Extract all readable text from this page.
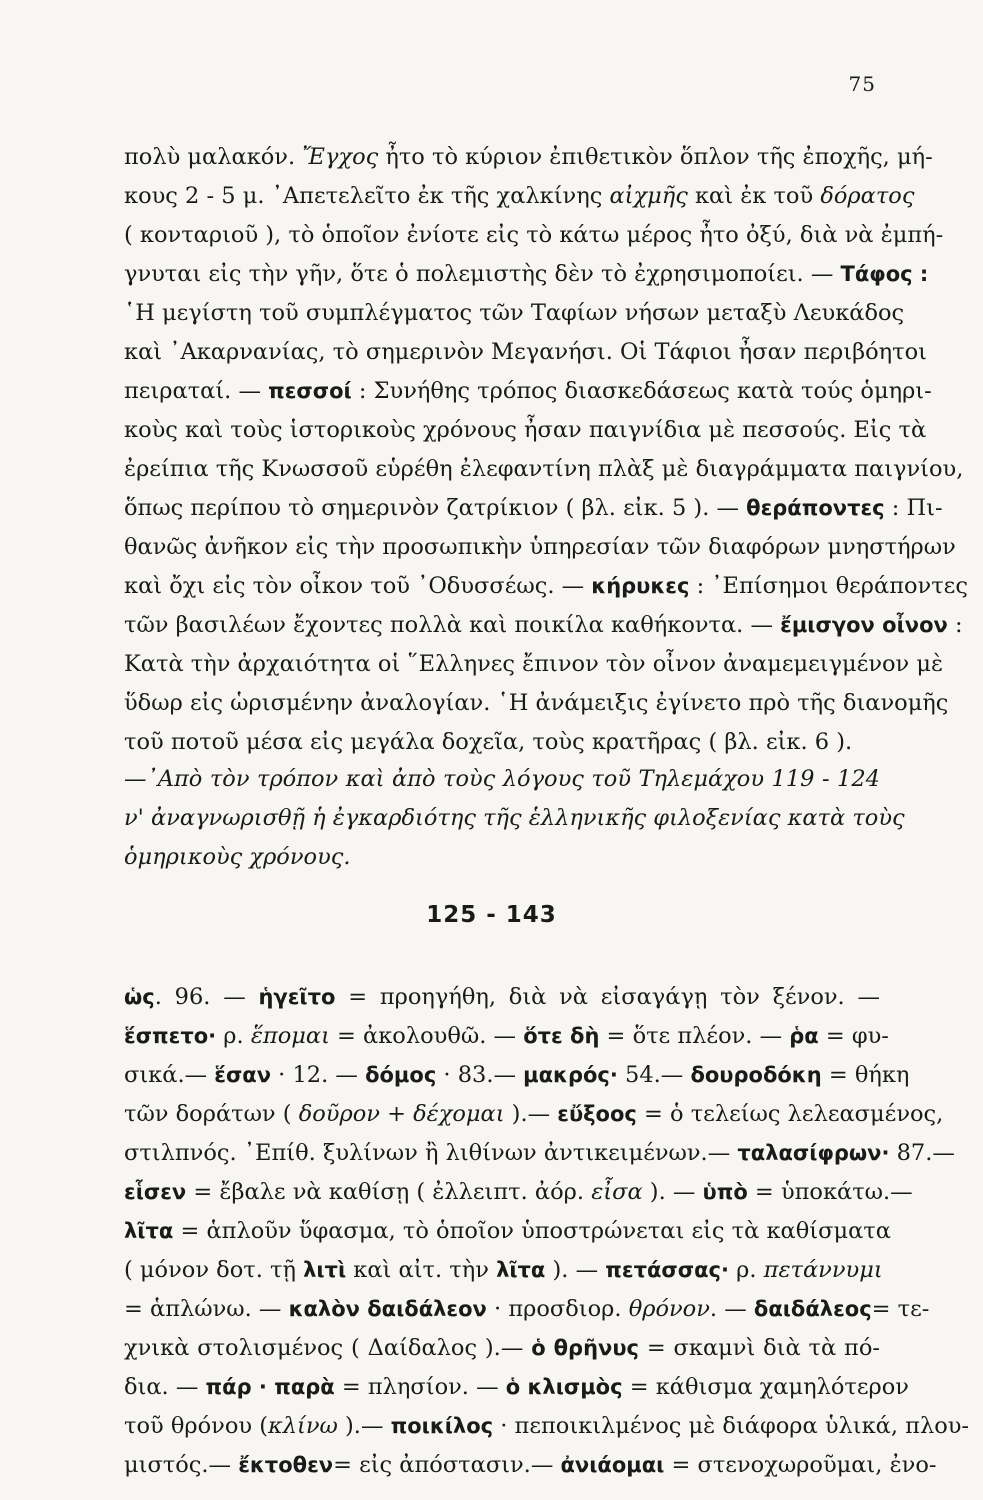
75
πολὺ μαλακόν. Ἔγχος ἦτο τὸ κύριον ἐπιθετικὸν ὅπλον τῆς ἐποχῆς, μή-
κους 2 - 5 μ. ᾿Απετελεῖτο ἐκ τῆς χαλκίνης αἰχμῆς καὶ ἐκ τοῦ δόρατος
( κονταριοῦ ), τὸ ὁποῖον ἐνίοτε εἰς τὸ κάτω μέρος ἦτο ὀξύ, διὰ νὰ ἐμπή-
γνυται εἰς τὴν γῆν, ὅτε ὁ πολεμιστὴς δὲν τὸ ἐχρησιμοποίει. — Τάφος :
῾Η μεγίστη τοῦ συμπλέγματος τῶν Ταφίων νήσων μεταξὺ Λευκάδος
καὶ ᾿Ακαρνανίας, τὸ σημερινὸν Μεγανήσι. Οἱ Τάφιοι ἦσαν περιβόητοι
πειραταί. — πεσσοί : Συνήθης τρόπος διασκεδάσεως κατὰ τούς ὁμηρι-
κοὺς καὶ τοὺς ἱστορικοὺς χρόνους ἦσαν παιγνίδια μὲ πεσσούς. Εἰς τὰ
ἐρείπια τῆς Κνωσσοῦ εὑρέθη ἐλεφαντίνη πλὰξ μὲ διαγράμματα παιγνίου,
ὅπως περίπου τὸ σημερινὸν ζατρίκιον ( βλ. εἰκ. 5 ). — θεράποντες : Πι-
θανῶς ἀνῆκον εἰς τὴν προσωπικὴν ὑπηρεσίαν τῶν διαφόρων μνηστήρων
καὶ ὄχι εἰς τὸν οἶκον τοῦ ᾿Οδυσσέως. — κήρυκες : ᾿Επίσημοι θεράποντες
τῶν βασιλέων ἔχοντες πολλὰ καὶ ποικίλα καθήκοντα. — ἔμισγον οἶνον :
Κατὰ τὴν ἀρχαιότητα οἱ ῞Ελληνες ἔπινον τὸν οἶνον ἀναμεμειγμένον μὲ
ὕδωρ εἰς ὡρισμένην ἀναλογίαν. ῾Η ἀνάμειξις ἐγίνετο πρὸ τῆς διανομῆς
τοῦ ποτοῦ μέσα εἰς μεγάλα δοχεῖα, τοὺς κρατῆρας ( βλ. εἰκ. 6 ).
—᾿Απὸ τὸν τρόπον καὶ ἀπὸ τοὺς λόγους τοῦ Τηλεμάχου 119 - 124
ν' ἀναγνωρισθῇ ἡ ἐγκαρδιότης τῆς ἑλληνικῆς φιλοξενίας κατὰ τοὺς
ὁμηρικοὺς χρόνους.
125 - 143
ὡς. 96. — ἡγεῖτο = προηγήθη, διὰ νὰ εἰσαγάγῃ τὸν ξένον. —
ἕσπετο· ρ. ἕπομαι = ἀκολουθῶ. — ὅτε δὴ = ὅτε πλέον. — ῥα = φυ-
σικά.— ἕσαν · 12. — δόμος · 83.— μακρός· 54.— δουροδόκη = θήκη
τῶν δοράτων ( δοῦρον + δέχομαι ).— εὔξοος = ὁ τελείως λελεασμένος,
στιλπνός. ᾿Επίθ. ξυλίνων ἢ λιθίνων ἀντικειμένων.— ταλασίφρων· 87.—
εἷσεν = ἔβαλε νὰ καθίσῃ ( ἐλλειπτ. ἀόρ. εἶσα ). — ὑπὸ = ὑποκάτω.—
λῖτα = ἁπλοῦν ὕφασμα, τὸ ὁποῖον ὑποστρώνεται εἰς τὰ καθίσματα
( μόνον δοτ. τῇ λιτὶ καὶ αἰτ. τὴν λῖτα ). — πετάσσας· ρ. πετάννυμι
= ἁπλώνω. — καλὸν δαιδάλεον · προσδιορ. θρόνον. — δαιδάλεος= τε-
χνικὰ στολισμένος ( Δαίδαλος ).— ὁ θρῆνυς = σκαμνὶ διὰ τὰ πό-
δια. — πάρ · παρὰ = πλησίον. — ὁ κλισμὸς = κάθισμα χαμηλότερον
τοῦ θρόνου (κλίνω ).— ποικίλος · πεποικιλμένος μὲ διάφορα ὑλικά, πλου-
μιστός.— ἔκτοθεν= εἰς ἀπόστασιν.— ἀνιάομαι = στενοχωροῦμαι, ἐνο-
